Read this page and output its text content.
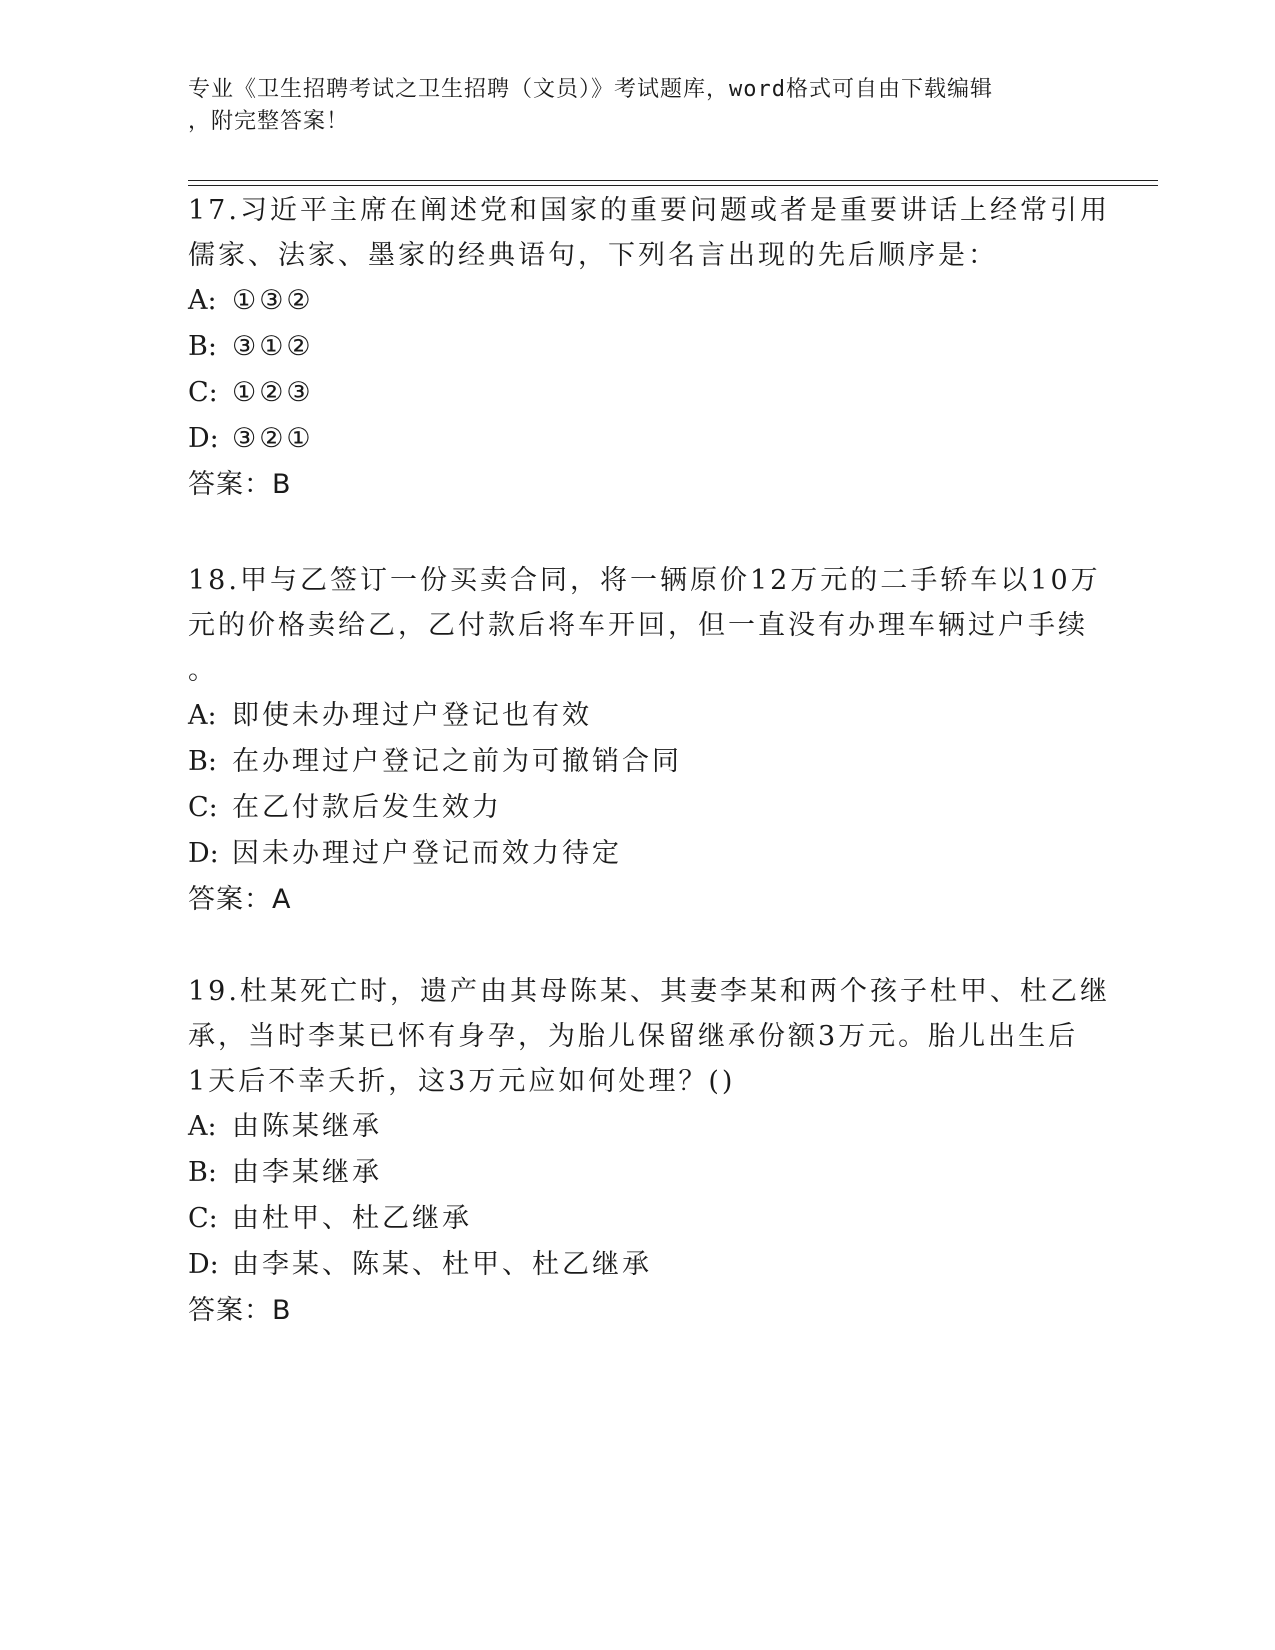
专业《卫生招聘考试之卫生招聘（文员）》考试题库，word格式可自由下载编辑
，附完整答案！
17.习近平主席在阐述党和国家的重要问题或者是重要讲话上经常引用
儒家、法家、墨家的经典语句，下列名言出现的先后顺序是：
A: ①③②
B: ③①②
C: ①②③
D: ③②①
答案：B
18.甲与乙签订一份买卖合同，将一辆原价12万元的二手轿车以10万
元的价格卖给乙，乙付款后将车开回，但一直没有办理车辆过户手续
。
A: 即使未办理过户登记也有效
B: 在办理过户登记之前为可撤销合同
C: 在乙付款后发生效力
D: 因未办理过户登记而效力待定
答案：A
19.杜某死亡时，遗产由其母陈某、其妻李某和两个孩子杜甲、杜乙继
承，当时李某已怀有身孕，为胎儿保留继承份额3万元。胎儿出生后
1天后不幸夭折，这3万元应如何处理？()
A: 由陈某继承
B: 由李某继承
C: 由杜甲、杜乙继承
D: 由李某、陈某、杜甲、杜乙继承
答案：B
